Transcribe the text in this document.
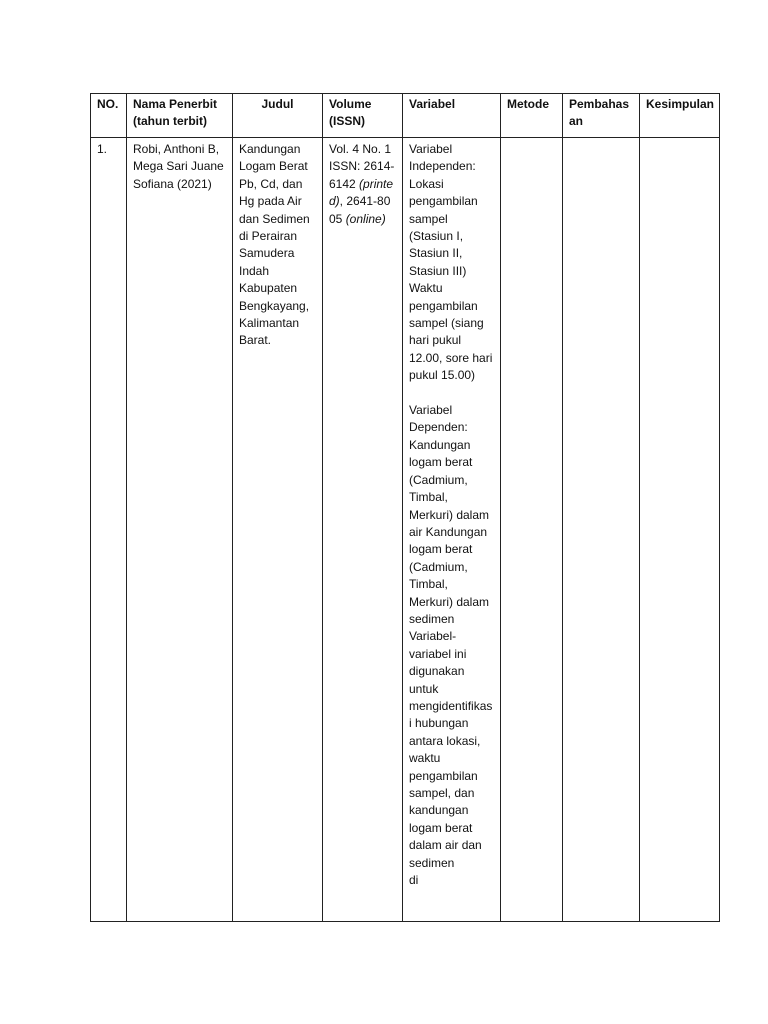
NO.	Nama Penerbit (tahun terbit)	Judul	Volume (ISSN)	Variabel	Metode	Pembahasan	Kesimpulan
1.	Robi, Anthoni B, Mega Sari Juane Sofiana (2021)	Kandungan Logam Berat Pb, Cd, dan Hg pada Air dan Sedimen di Perairan Samudera Indah Kabupaten Bengkayang, Kalimantan Barat.	Vol. 4 No. 1 ISSN: 2614-6142 (printed), 2641-8005 (online)	Variabel Independen: Lokasi pengambilan sampel (Stasiun I, Stasiun II, Stasiun III) Waktu pengambilan sampel (siang hari pukul 12.00, sore hari pukul 15.00)
Variabel Dependen: Kandungan logam berat (Cadmium, Timbal, Merkuri) dalam air Kandungan logam berat (Cadmium, Timbal, Merkuri) dalam sedimen Variabel-variabel ini digunakan untuk mengidentifikasi hubungan antara lokasi, waktu pengambilan sampel, dan kandungan logam berat dalam air dan sedimen
di			
